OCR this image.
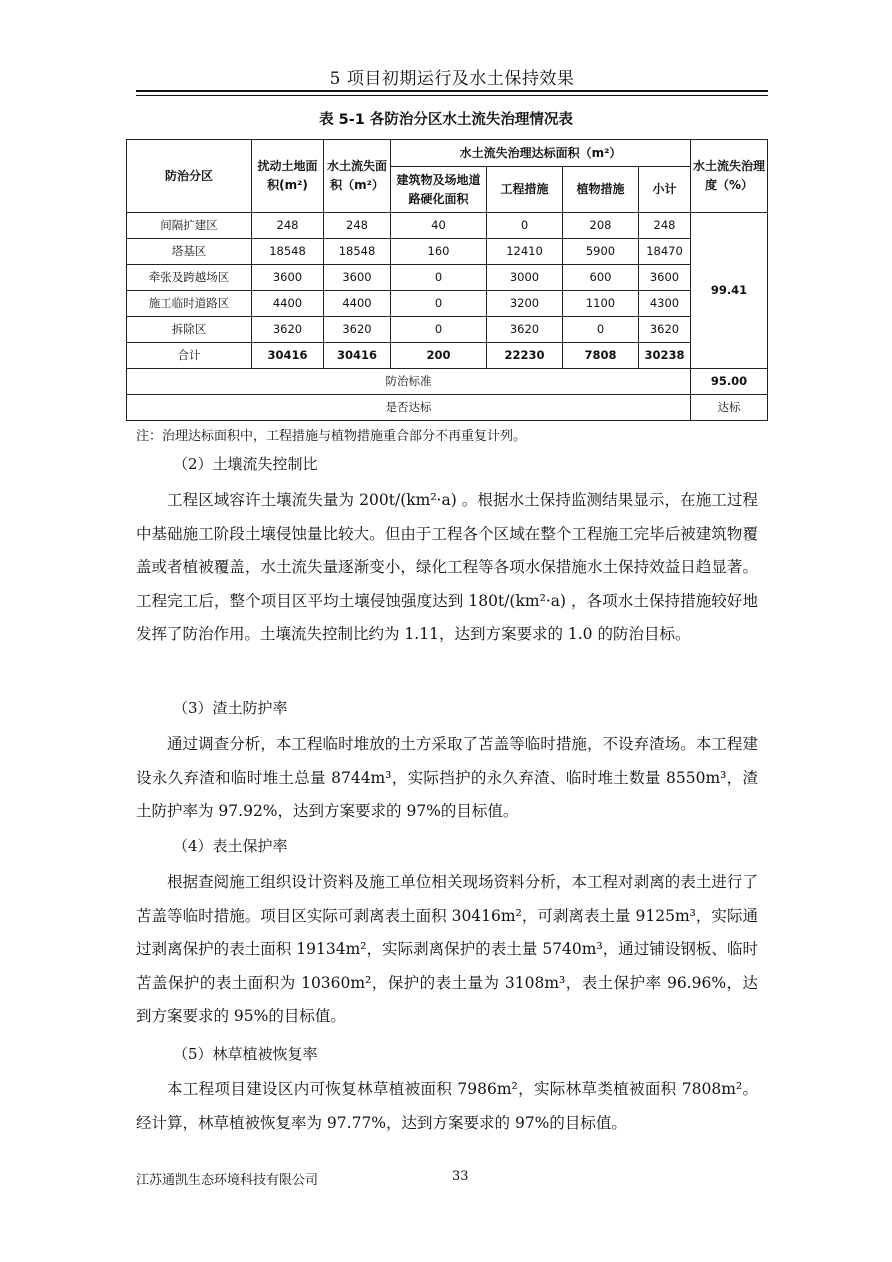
5 项目初期运行及水土保持效果
表 5-1 各防治分区水土流失治理情况表
防治分区	扰动土地面积(m²)	水土流失面积（m²）	水土流失治理达标面积（m²）				水土流失治理度（%）
			建筑物及场地道路硬化面积	工程措施	植物措施	小计	
间隔扩建区	248	248	40	0	208	248	99.41
塔基区	18548	18548	160	12410	5900	18470	
牵张及跨越场区	3600	3600	0	3000	600	3600	
施工临时道路区	4400	4400	0	3200	1100	4300	
拆除区	3620	3620	0	3620	0	3620	
合计	30416	30416	200	22230	7808	30238	
防治标准							95.00
是否达标							达标
注：治理达标面积中，工程措施与植物措施重合部分不再重复计列。
（2）土壤流失控制比
工程区域容许土壤流失量为 200t/(km²·a) 。根据水土保持监测结果显示，在施工过程中基础施工阶段土壤侵蚀量比较大。但由于工程各个区域在整个工程施工完毕后被建筑物覆盖或者植被覆盖，水土流失量逐渐变小，绿化工程等各项水保措施水土保持效益日趋显著。工程完工后，整个项目区平均土壤侵蚀强度达到 180t/(km²·a) ，各项水土保持措施较好地发挥了防治作用。土壤流失控制比约为 1.11，达到方案要求的 1.0 的防治目标。
（3）渣土防护率
通过调查分析，本工程临时堆放的土方采取了苫盖等临时措施，不设弃渣场。本工程建设永久弃渣和临时堆土总量 8744m³，实际挡护的永久弃渣、临时堆土数量 8550m³，渣土防护率为 97.92%，达到方案要求的 97%的目标值。
（4）表土保护率
根据查阅施工组织设计资料及施工单位相关现场资料分析，本工程对剥离的表土进行了苫盖等临时措施。项目区实际可剥离表土面积 30416m²，可剥离表土量 9125m³，实际通过剥离保护的表土面积 19134m²，实际剥离保护的表土量 5740m³，通过铺设钢板、临时苫盖保护的表土面积为 10360m²，保护的表土量为 3108m³，表土保护率 96.96%，达到方案要求的 95%的目标值。
（5）林草植被恢复率
本工程项目建设区内可恢复林草植被面积 7986m²，实际林草类植被面积 7808m²。经计算，林草植被恢复率为 97.77%，达到方案要求的 97%的目标值。
江苏通凯生态环境科技有限公司	33
